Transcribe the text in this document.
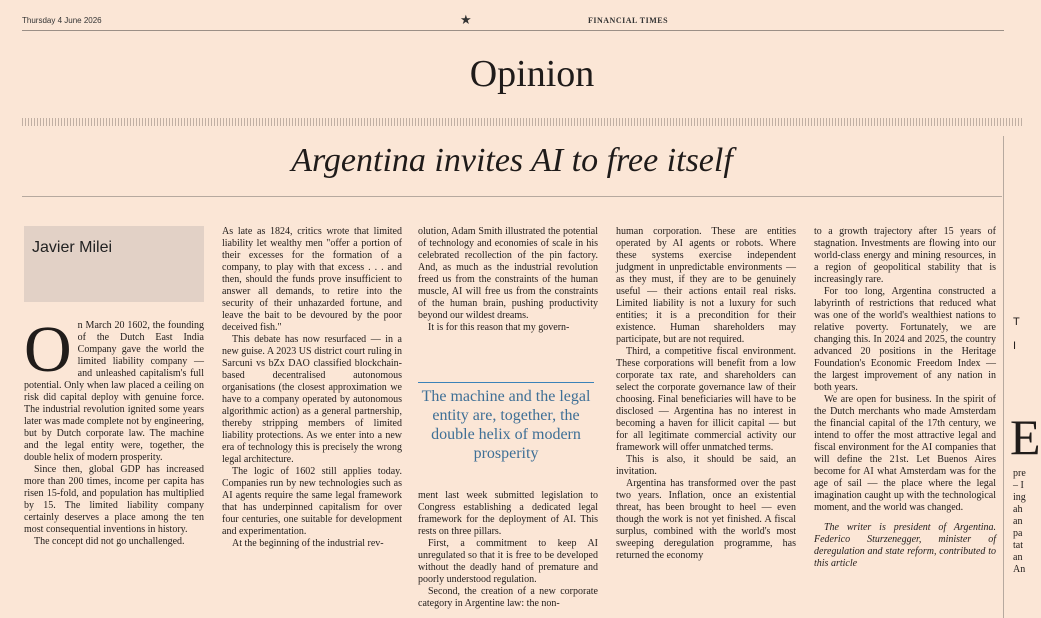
Thursday 4 June 2026	★	FINANCIAL TIMES
Opinion
Argentina invites AI to free itself
Javier Milei

On March 20 1602, the founding of the Dutch East India Company gave the world the limited liability company — and unleashed capitalism's full potential. Only when law placed a ceiling on risk did capital deploy with genuine force. The industrial revolution ignited some years later was made complete not by engineering, but by Dutch corporate law. The machine and the legal entity were, together, the double helix of modern prosperity.

Since then, global GDP has increased more than 200 times, income per capita has risen 15-fold, and population has multiplied by 15. The limited liability company certainly deserves a place among the ten most consequential inventions in history.

The concept did not go unchallenged.

As late as 1824, critics wrote that limited liability let wealthy men "offer a portion of their excesses for the formation of a company, to play with that excess . . . and then, should the funds prove insufficient to answer all demands, to retire into the security of their unhazarded fortune, and leave the bait to be devoured by the poor deceived fish."

This debate has now resurfaced — in a new guise. A 2023 US district court ruling in Sarcuni vs bZx DAO classified blockchain-based decentralised autonomous organisations (the closest approximation we have to a company operated by autonomous algorithmic action) as a general partnership, thereby stripping members of limited liability protections. As we enter into a new era of technology this is precisely the wrong legal architecture.

The logic of 1602 still applies today. Companies run by new technologies such as AI agents require the same legal framework that has underpinned capitalism for over four centuries, one suitable for development and experimentation.

At the beginning of the industrial rev-

olution, Adam Smith illustrated the potential of technology and economies of scale in his celebrated recollection of the pin factory. And, as much as the industrial revolution freed us from the constraints of the human muscle, AI will free us from the constraints of the human brain, pushing productivity beyond our wildest dreams.

It is for this reason that my govern-

The machine and the legal entity are, together, the double helix of modern prosperity

ment last week submitted legislation to Congress establishing a dedicated legal framework for the deployment of AI. This rests on three pillars.

First, a commitment to keep AI unregulated so that it is free to be developed without the deadly hand of premature and poorly understood regulation.

Second, the creation of a new corporate category in Argentine law: the non-

human corporation. These are entities operated by AI agents or robots. Where these systems exercise independent judgment in unpredictable environments — as they must, if they are to be genuinely useful — their actions entail real risks. Limited liability is not a luxury for such entities; it is a precondition for their existence. Human shareholders may participate, but are not required.

Third, a competitive fiscal environment. These corporations will benefit from a low corporate tax rate, and shareholders can select the corporate governance law of their choosing. Final beneficiaries will have to be disclosed — Argentina has no interest in becoming a haven for illicit capital — but for all legitimate commercial activity our framework will offer unmatched terms.

This is also, it should be said, an invitation.

Argentina has transformed over the past two years. Inflation, once an existential threat, has been brought to heel — even though the work is not yet finished. A fiscal surplus, combined with the world's most sweeping deregulation programme, has returned the economy

to a growth trajectory after 15 years of stagnation. Investments are flowing into our world-class energy and mining resources, in a region of geopolitical stability that is increasingly rare.

For too long, Argentina constructed a labyrinth of restrictions that reduced what was one of the world's wealthiest nations to relative poverty. Fortunately, we are changing this. In 2024 and 2025, the country advanced 20 positions in the Heritage Foundation's Economic Freedom Index — the largest improvement of any nation in both years.

We are open for business. In the spirit of the Dutch merchants who made Amsterdam the financial capital of the 17th century, we intend to offer the most attractive legal and fiscal environment for the AI companies that will define the 21st. Let Buenos Aires become for AI what Amsterdam was for the age of sail — the place where the legal imagination caught up with the technological moment, and the world was changed.

The writer is president of Argentina. Federico Sturzenegger, minister of deregulation and state reform, contributed to this article

T
I
E
pre
– I
ing
ah
an
pa
tat
an
An
